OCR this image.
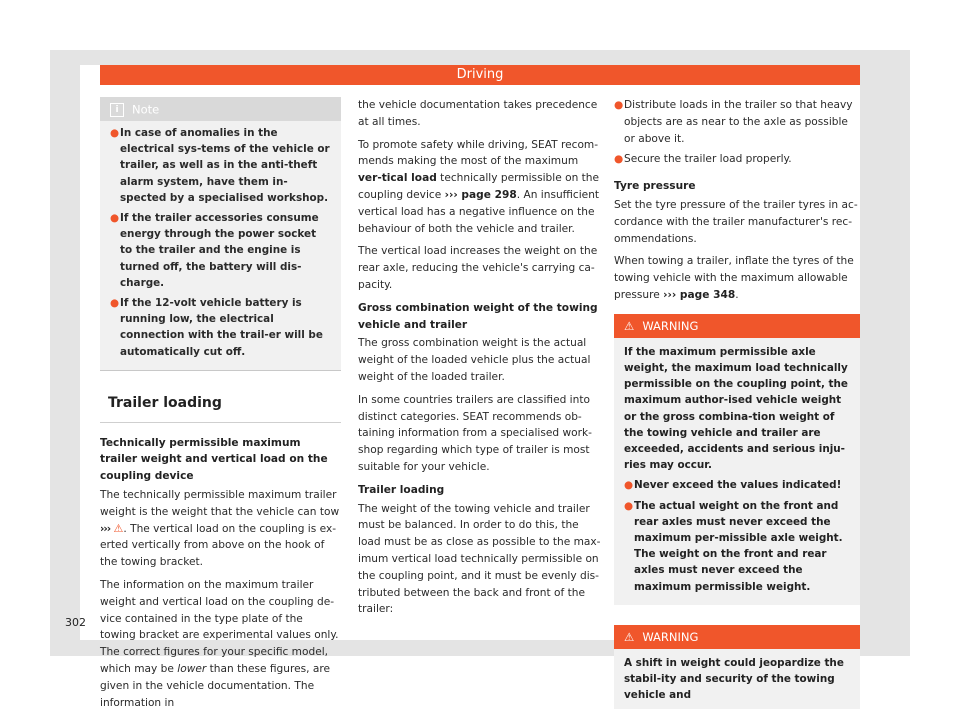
Driving
i Note
● In case of anomalies in the electrical sys-tems of the vehicle or trailer, as well as in the anti-theft alarm system, have them in-spected by a specialised workshop.
● If the trailer accessories consume energy through the power socket to the trailer and the engine is turned off, the battery will dis-charge.
● If the 12-volt vehicle battery is running low, the electrical connection with the trail-er will be automatically cut off.
Trailer loading
Technically permissible maximum trailer weight and vertical load on the coupling device

The technically permissible maximum trailer weight is the weight that the vehicle can tow ››› ⚠. The vertical load on the coupling is ex-erted vertically from above on the hook of the towing bracket.

The information on the maximum trailer weight and vertical load on the coupling de-vice contained in the type plate of the towing bracket are experimental values only. The correct figures for your specific model, which may be lower than these figures, are given in the vehicle documentation. The information in

the vehicle documentation takes precedence at all times.

To promote safety while driving, SEAT recom-mends making the most of the maximum ver-tical load technically permissible on the coupling device ››› page 298. An insufficient vertical load has a negative influence on the behaviour of both the vehicle and trailer.

The vertical load increases the weight on the rear axle, reducing the vehicle's carrying ca-pacity.

Gross combination weight of the towing vehicle and trailer

The gross combination weight is the actual weight of the loaded vehicle plus the actual weight of the loaded trailer.

In some countries trailers are classified into distinct categories. SEAT recommends ob-taining information from a specialised work-shop regarding which type of trailer is most suitable for your vehicle.

Trailer loading

The weight of the towing vehicle and trailer must be balanced. In order to do this, the load must be as close as possible to the max-imum vertical load technically permissible on the coupling point, and it must be evenly dis-tributed between the back and front of the trailer:

● Distribute loads in the trailer so that heavy objects are as near to the axle as possible or above it.
● Secure the trailer load properly.
Tyre pressure

Set the tyre pressure of the trailer tyres in ac-cordance with the trailer manufacturer's rec-ommendations.

When towing a trailer, inflate the tyres of the towing vehicle with the maximum allowable pressure ››› page 348.

⚠ WARNING
If the maximum permissible axle weight, the maximum load technically permissible on the coupling point, the maximum author-ised vehicle weight or the gross combina-tion weight of the towing vehicle and trailer are exceeded, accidents and serious inju-ries may occur.
● Never exceed the values indicated!
● The actual weight on the front and rear axles must never exceed the maximum per-missible axle weight. The weight on the front and rear axles must never exceed the maximum permissible weight.
⚠ WARNING
A shift in weight could jeopardize the stabil-ity and security of the towing vehicle and
302
